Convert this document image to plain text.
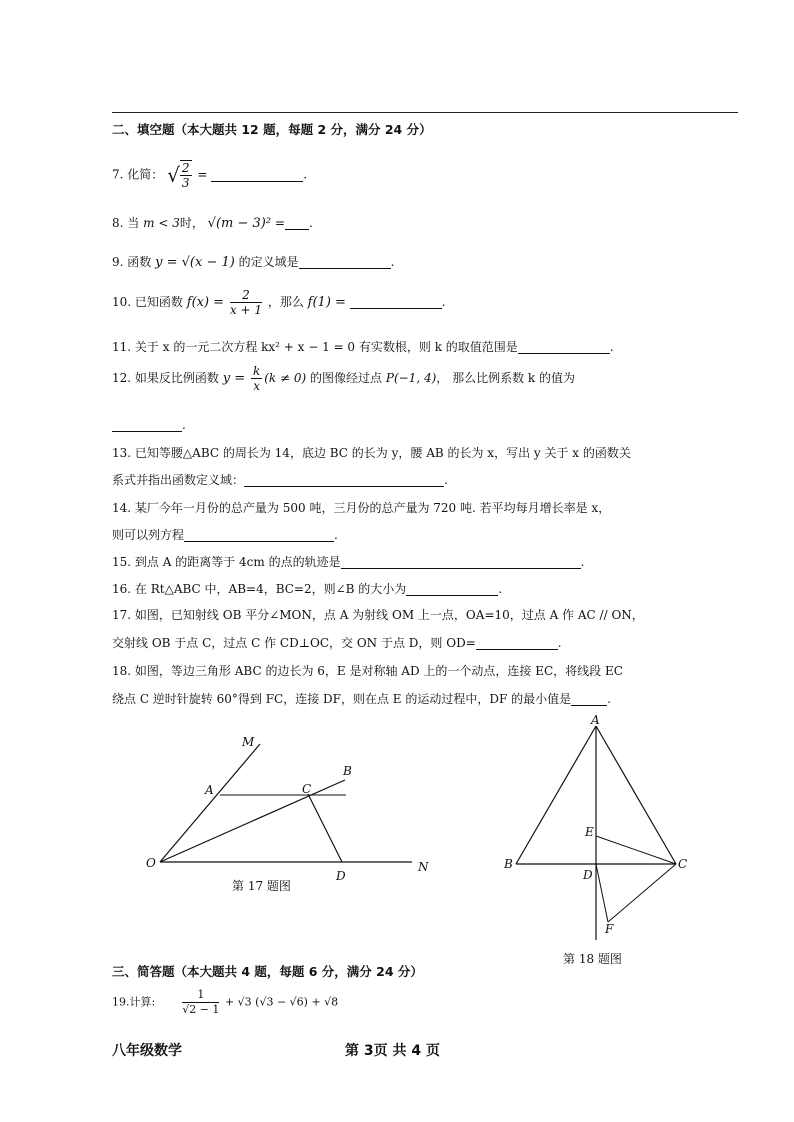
二、填空题（本大题共 12 题，每题 2 分，满分 24 分）
7. 化简： √ $\frac{2}{3}$ =	.
8. 当 m < 3时， √(m − 3)² = .
9. 函数 y = √(x − 1) 的定义域是	.
10. 已知函数 $f(x) = \frac{2}{x + 1}$ ，那么 f(1) =	.
11. 关于 x 的一元二次方程 kx² + x − 1 = 0 有实数根，则 k 的取值范围是	.
12. 如果反比例函数 $y = \frac{k}{x} (k \ne 0)$ 的图像经过点 P(−1, 4)， 那么比例系数 k 的值为
.
13. 已知等腰△ABC 的周长为 14，底边 BC 的长为 y，腰 AB 的长为 x，写出 y 关于 x 的函数关
系式并指出函数定义域：	.
14. 某厂今年一月份的总产量为 500 吨，三月份的总产量为 720 吨. 若平均每月增长率是 x，
则可以列方程	.
15. 到点 A 的距离等于 4cm 的点的轨迹是	.
16. 在 Rt△ABC 中，AB=4，BC=2，则∠B 的大小为	.
17. 如图，已知射线 OB 平分∠MON，点 A 为射线 OM 上一点，OA=10，过点 A 作 AC // ON，
交射线 OB 于点 C，过点 C 作 CD⊥OC，交 ON 于点 D，则 OD=	.
18. 如图，等边三角形 ABC 的边长为 6，E 是对称轴 AD 上的一个动点，连接 EC，将线段 EC
绕点 C 逆时针旋转 60°得到 FC，连接 DF，则在点 E 的运动过程中，DF 的最小值是	.
M
B
A	C
O
D
N
第 17 题图
A
E
B
D
C
F
第 18 题图
三、简答题（本大题共 4 题，每题 6 分，满分 24 分）
19.计算: $\frac{1}{√2 - 1} + √3$ (√3 − √6) + √8
八年级数学	第 3页 共 4 页
